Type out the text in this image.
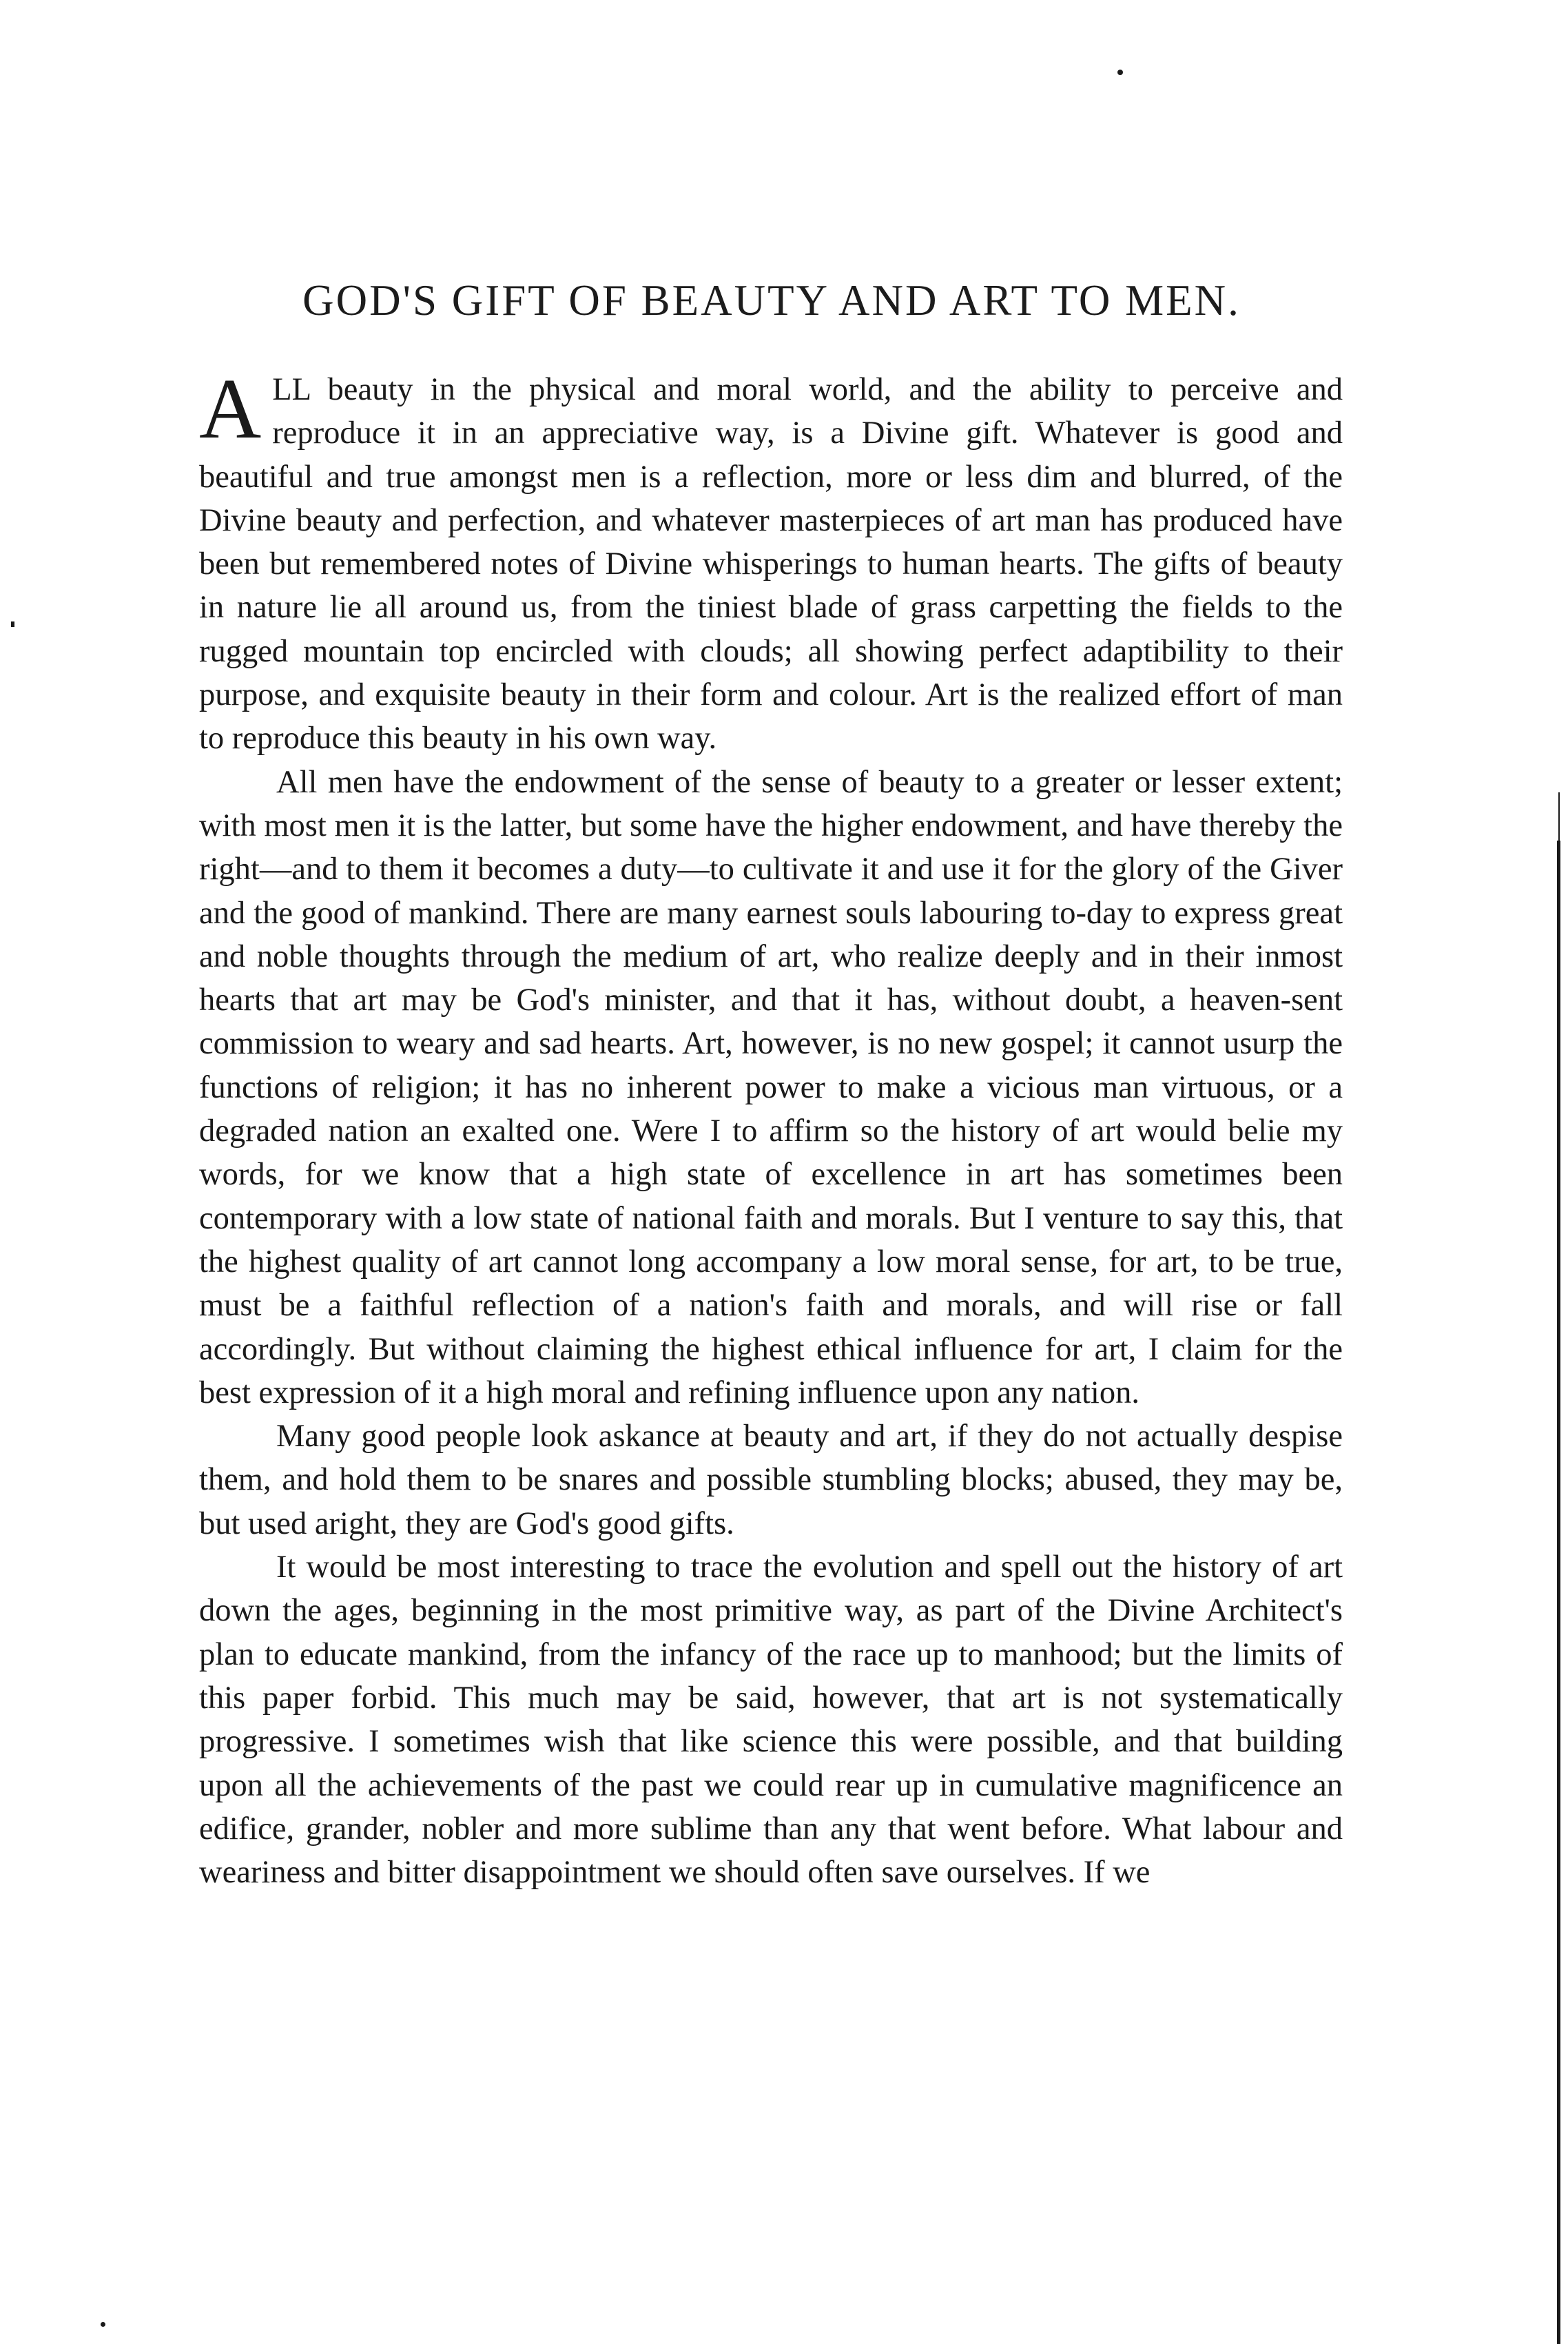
GOD'S GIFT OF BEAUTY AND ART TO MEN.

ALL beauty in the physical and moral world, and the ability to perceive and reproduce it in an appreciative way, is a Divine gift. Whatever is good and beautiful and true amongst men is a reflection, more or less dim and blurred, of the Divine beauty and perfection, and whatever masterpieces of art man has produced have been but remembered notes of Divine whisperings to human hearts. The gifts of beauty in nature lie all around us, from the tiniest blade of grass carpetting the fields to the rugged mountain top encircled with clouds; all showing perfect adaptibility to their purpose, and exquisite beauty in their form and colour. Art is the realized effort of man to reproduce this beauty in his own way.

All men have the endowment of the sense of beauty to a greater or lesser extent; with most men it is the latter, but some have the higher endowment, and have thereby the right—and to them it becomes a duty—to cultivate it and use it for the glory of the Giver and the good of mankind. There are many earnest souls labouring to-day to express great and noble thoughts through the medium of art, who realize deeply and in their inmost hearts that art may be God's minister, and that it has, without doubt, a heaven-sent commission to weary and sad hearts. Art, however, is no new gospel; it cannot usurp the functions of religion; it has no inherent power to make a vicious man virtuous, or a degraded nation an exalted one. Were I to affirm so the history of art would belie my words, for we know that a high state of excellence in art has sometimes been contemporary with a low state of national faith and morals. But I venture to say this, that the highest quality of art cannot long accompany a low moral sense, for art, to be true, must be a faithful reflection of a nation's faith and morals, and will rise or fall accordingly. But without claiming the highest ethical influence for art, I claim for the best expression of it a high moral and refining influence upon any nation.

Many good people look askance at beauty and art, if they do not actually despise them, and hold them to be snares and possible stumbling blocks; abused, they may be, but used aright, they are God's good gifts.

It would be most interesting to trace the evolution and spell out the history of art down the ages, beginning in the most primitive way, as part of the Divine Architect's plan to educate mankind, from the infancy of the race up to manhood; but the limits of this paper forbid. This much may be said, however, that art is not systematically progressive. I sometimes wish that like science this were possible, and that building upon all the achievements of the past we could rear up in cumulative magnificence an edifice, grander, nobler and more sublime than any that went before. What labour and weariness and bitter disappointment we should often save ourselves. If we
